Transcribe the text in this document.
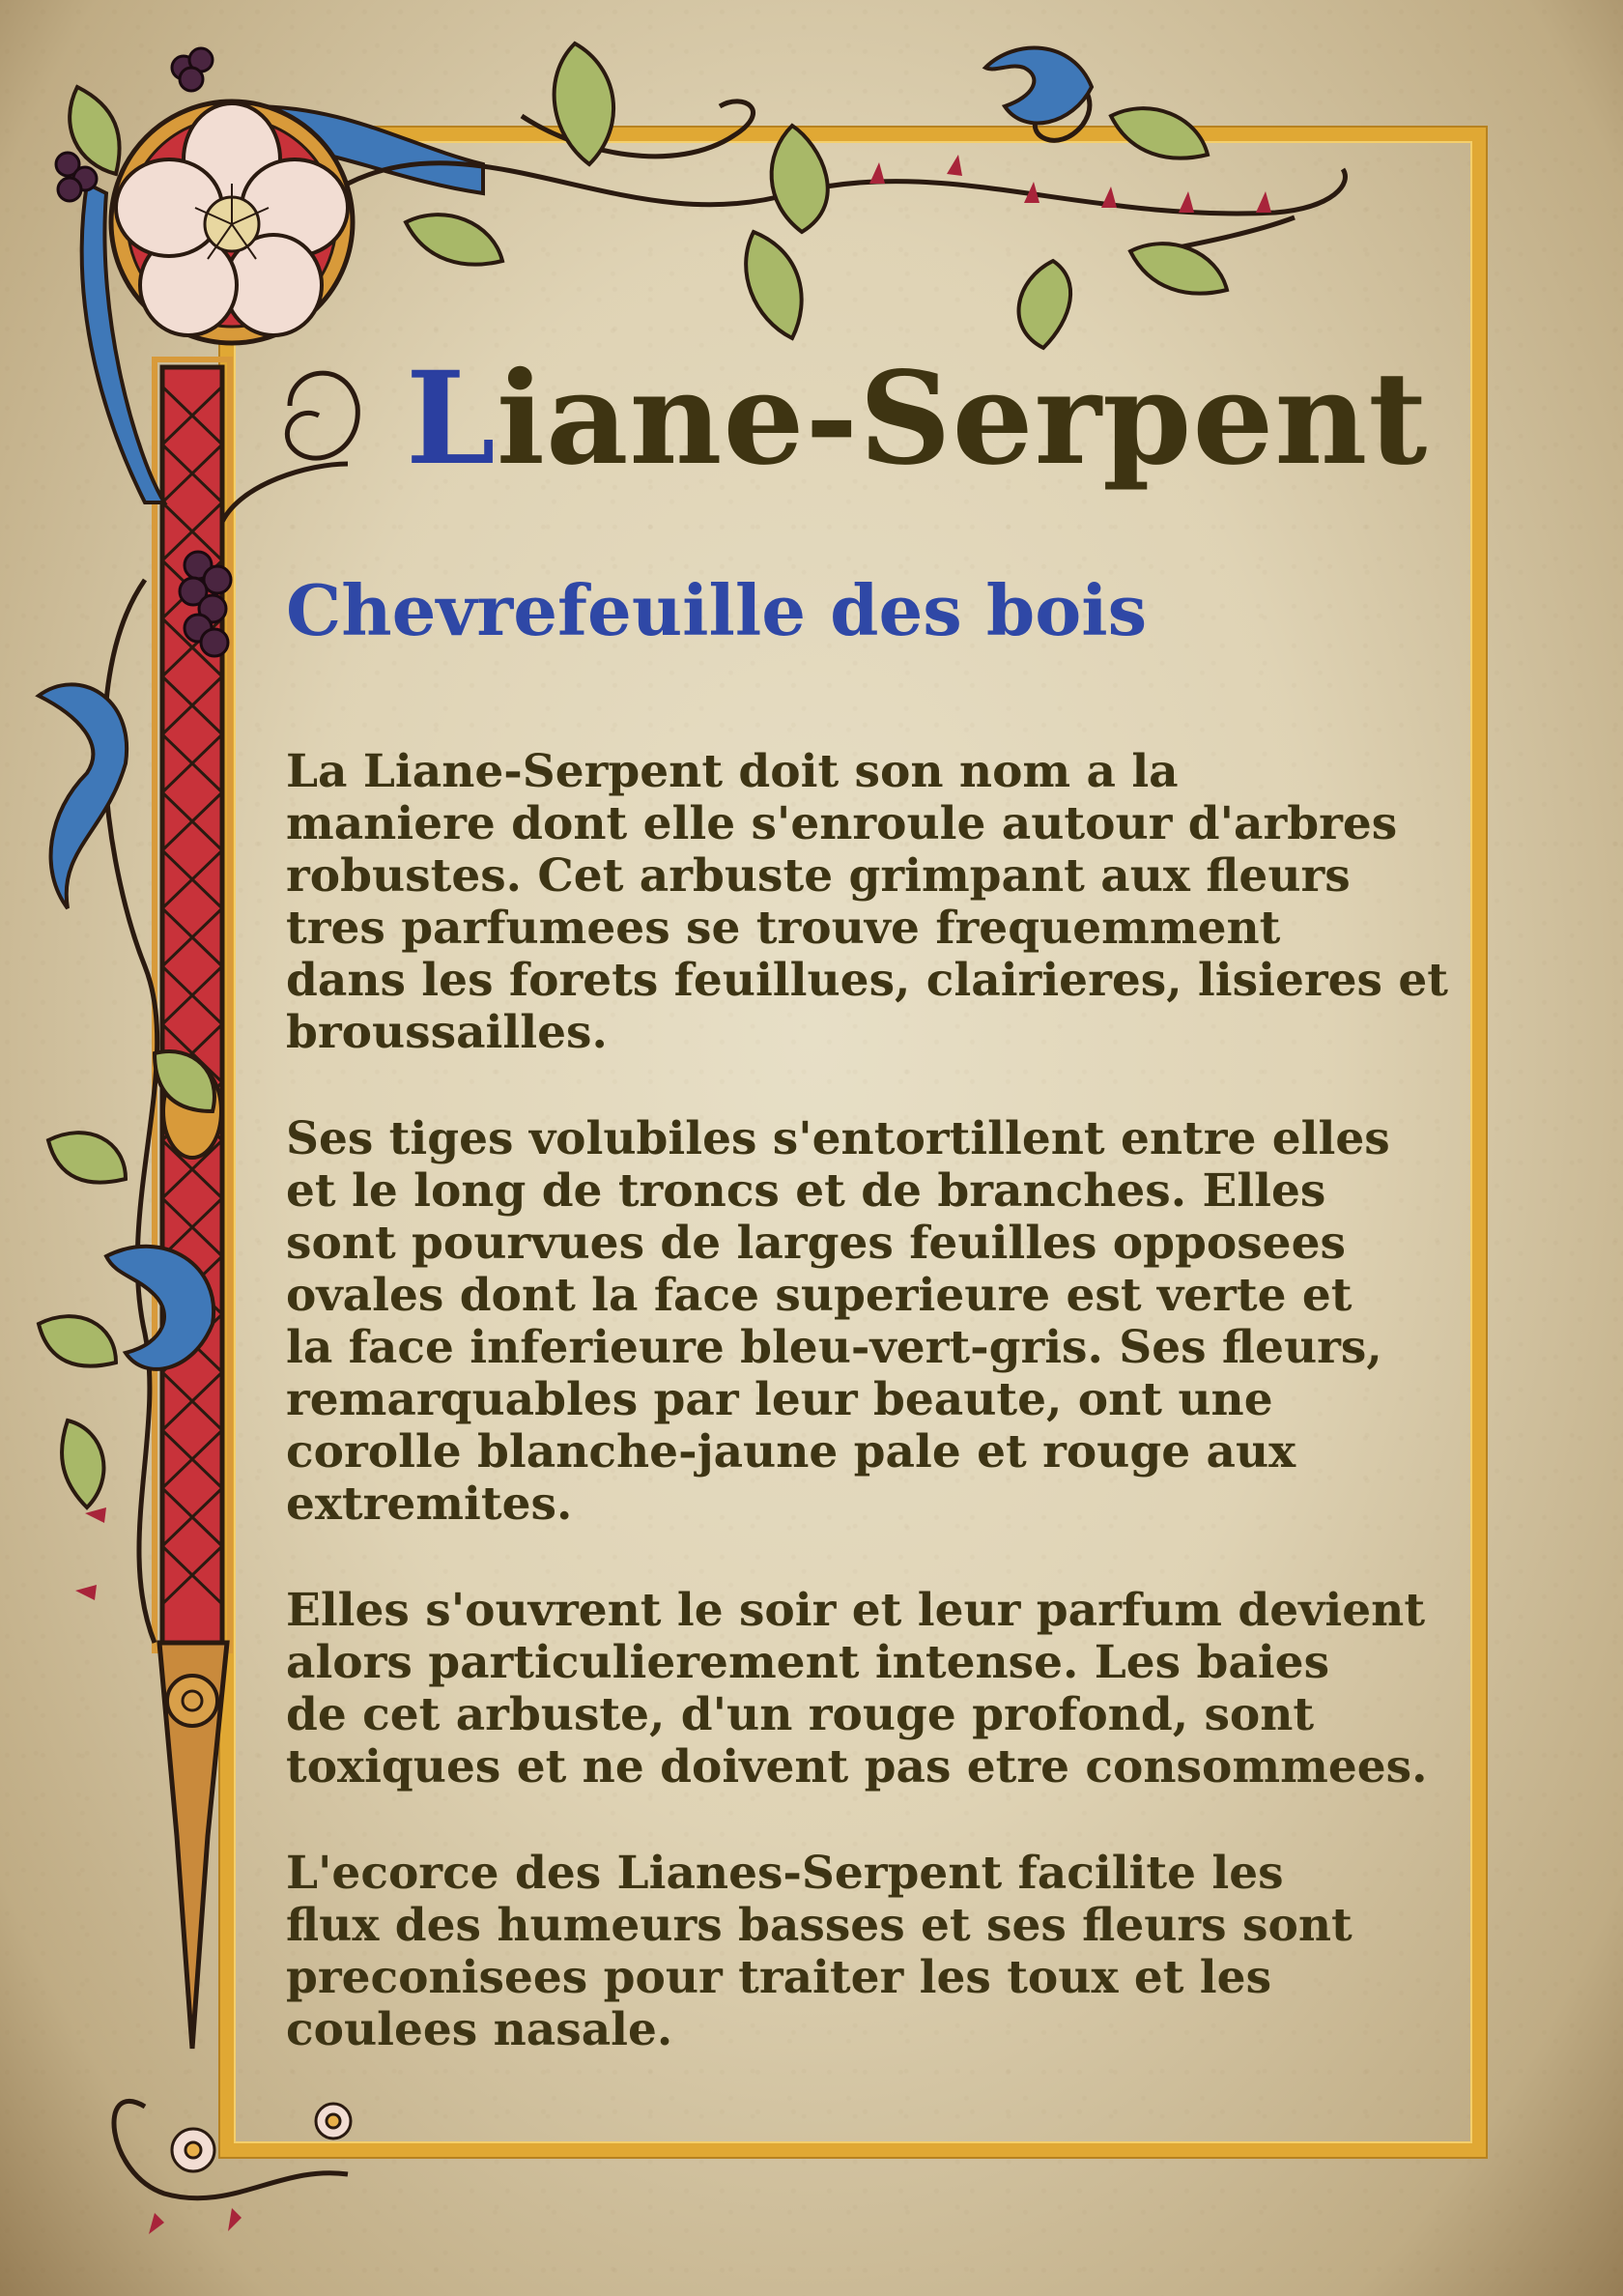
Liane-Serpent
Chevrefeuille des bois
La Liane-Serpent doit son nom a la
maniere dont elle s'enroule autour d'arbres
robustes. Cet arbuste grimpant aux fleurs
tres parfumees se trouve frequemment
dans les forets feuillues, clairieres, lisieres et
broussailles.
Ses tiges volubiles s'entortillent entre elles
et le long de troncs et de branches. Elles
sont pourvues de larges feuilles opposees
ovales dont la face superieure est verte et
la face inferieure bleu-vert-gris. Ses fleurs,
remarquables par leur beaute, ont une
corolle blanche-jaune pale et rouge aux
extremites.
Elles s'ouvrent le soir et leur parfum devient
alors particulierement intense. Les baies
de cet arbuste, d'un rouge profond, sont
toxiques et ne doivent pas etre consommees.
L'ecorce des Lianes-Serpent facilite les
flux des humeurs basses et ses fleurs sont
preconisees pour traiter les toux et les
coulees nasale.
